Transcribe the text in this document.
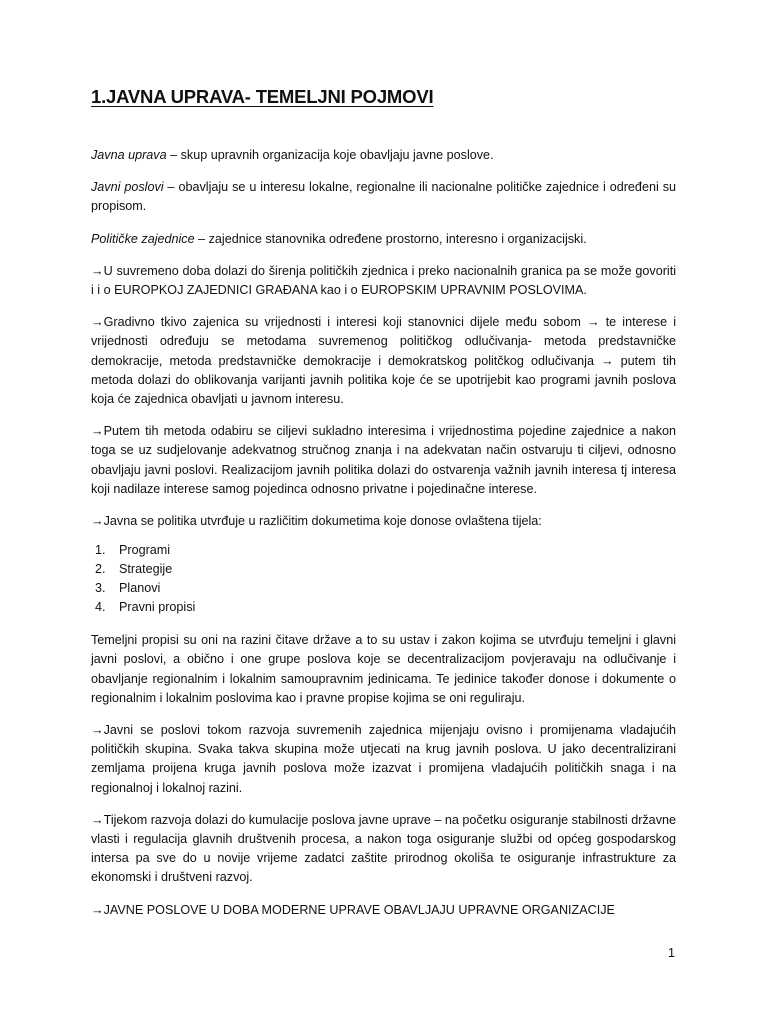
1.JAVNA UPRAVA- TEMELJNI POJMOVI

Javna uprava – skup upravnih organizacija koje obavljaju javne poslove.

Javni poslovi – obavljaju se u interesu lokalne, regionalne ili nacionalne političke zajednice i određeni su propisom.

Političke zajednice – zajednice stanovnika određene prostorno, interesno i organizacijski.

→U suvremeno doba dolazi do širenja političkih zjednica i preko nacionalnih granica pa se može govoriti i i o EUROPKOJ ZAJEDNICI GRAĐANA kao i o EUROPSKIM UPRAVNIM POSLOVIMA.

→Gradivno tkivo zajenica su vrijednosti i interesi koji stanovnici dijele među sobom → te interese i vrijednosti određuju se metodama suvremenog političkog odlučivanja- metoda predstavničke demokracije, metoda predstavničke demokracije i demokratskog politčkog odlučivanja → putem tih metoda dolazi do oblikovanja varijanti javnih politika koje će se upotrijebit kao programi javnih poslova koja će zajednica obavljati u javnom interesu.

→Putem tih metoda odabiru se ciljevi sukladno interesima i vrijednostima pojedine zajednice a nakon toga se uz sudjelovanje adekvatnog stručnog znanja i na adekvatan način ostvaruju ti ciljevi, odnosno obavljaju javni poslovi. Realizacijom javnih politika dolazi do ostvarenja važnih javnih interesa tj interesa koji nadilaze interese samog pojedinca odnosno privatne i pojedinačne interese.

→Javna se politika utvrđuje u različitim dokumetima koje donose ovlaštena tijela:

1. Programi
2. Strategije
3. Planovi
4. Pravni propisi

Temeljni propisi su oni na razini čitave države a to su ustav i zakon kojima se utvrđuju temeljni i glavni javni poslovi, a obično i one grupe poslova koje se decentralizacijom povjeravaju na odlučivanje i obavljanje regionalnim i lokalnim samoupravnim jedinicama. Te jedinice također donose i dokumente o regionalnim i lokalnim poslovima kao i pravne propise kojima se oni reguliraju.

→Javni se poslovi tokom razvoja suvremenih zajednica mijenjaju ovisno i promijenama vladajućih političkih skupina. Svaka takva skupina može utjecati na krug javnih poslova. U jako decentralizirani zemljama proijena kruga javnih poslova može izazvat i promijena vladajućih političkih snaga i na regionalnoj i lokalnoj razini.

→Tijekom razvoja dolazi do kumulacije poslova javne uprave – na početku osiguranje stabilnosti državne vlasti i regulacija glavnih društvenih procesa, a nakon toga osiguranje službi od općeg gospodarskog intersa pa sve do u novije vrijeme zadatci zaštite prirodnog okoliša te osiguranje infrastrukture za ekonomski i društveni razvoj.

→JAVNE POSLOVE U DOBA MODERNE UPRAVE OBAVLJAJU UPRAVNE ORGANIZACIJE

1
